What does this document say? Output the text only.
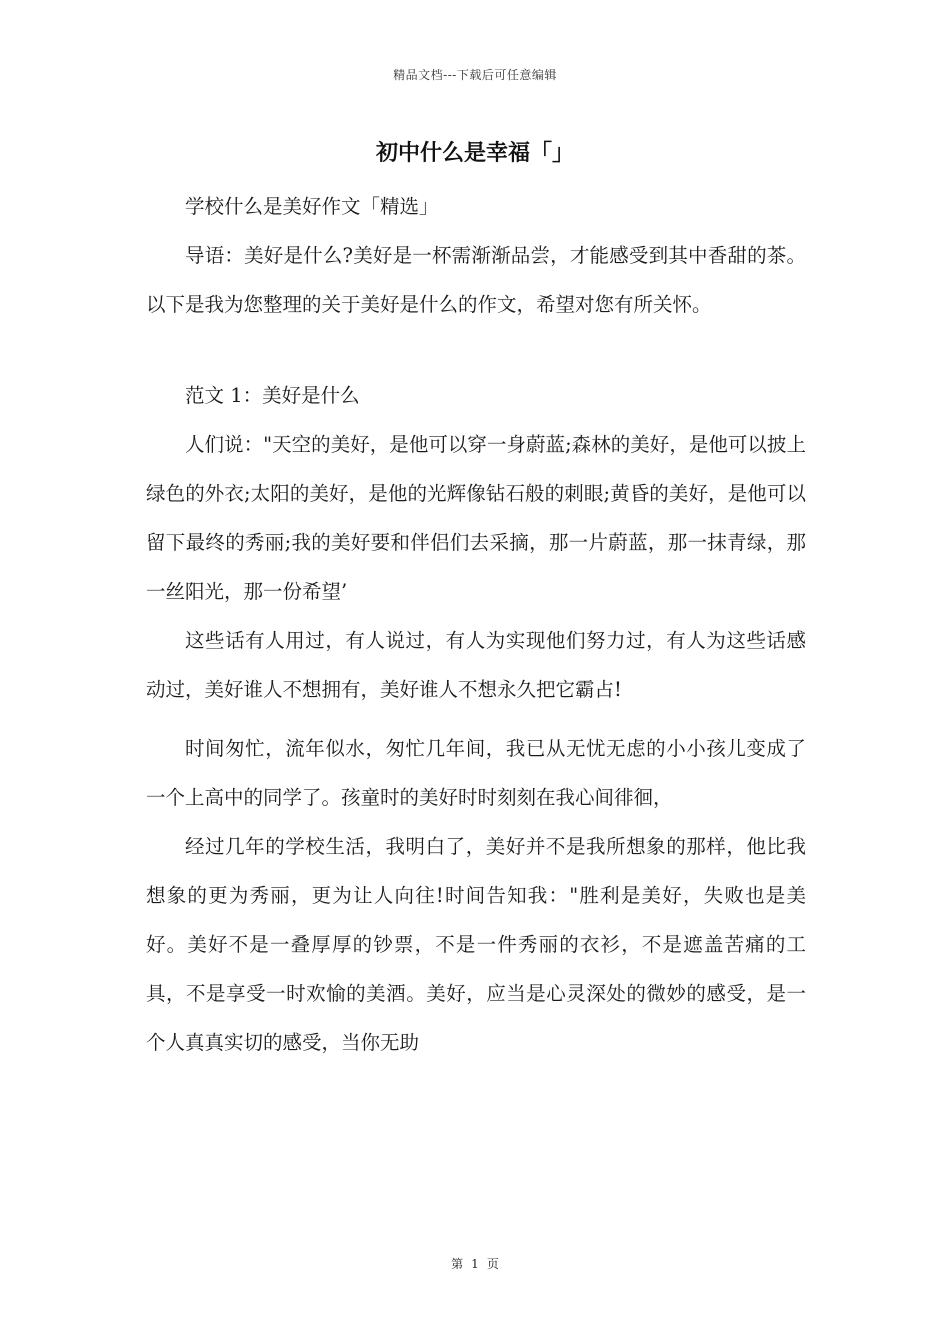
精品文档---下载后可任意编辑
初中什么是幸福「」

学校什么是美好作文「精选」

导语：美好是什么?美好是一杯需渐渐品尝，才能感受到其中香甜的茶。以下是我为您整理的关于美好是什么的作文，希望对您有所关怀。

范文 1：美好是什么

人们说："天空的美好，是他可以穿一身蔚蓝;森林的美好，是他可以披上绿色的外衣;太阳的美好，是他的光辉像钻石般的刺眼;黄昏的美好，是他可以留下最终的秀丽;我的美好要和伴侣们去采摘，那一片蔚蓝，那一抹青绿，那一丝阳光，那一份希望’

这些话有人用过，有人说过，有人为实现他们努力过，有人为这些话感动过，美好谁人不想拥有，美好谁人不想永久把它霸占!

时间匆忙，流年似水，匆忙几年间，我已从无忧无虑的小小孩儿变成了一个上高中的同学了。孩童时的美好时时刻刻在我心间徘徊，

经过几年的学校生活，我明白了，美好并不是我所想象的那样，他比我想象的更为秀丽，更为让人向往!时间告知我："胜利是美好，失败也是美好。美好不是一叠厚厚的钞票，不是一件秀丽的衣衫，不是遮盖苦痛的工具，不是享受一时欢愉的美酒。美好，应当是心灵深处的微妙的感受，是一个人真真实切的感受，当你无助

第 1 页
